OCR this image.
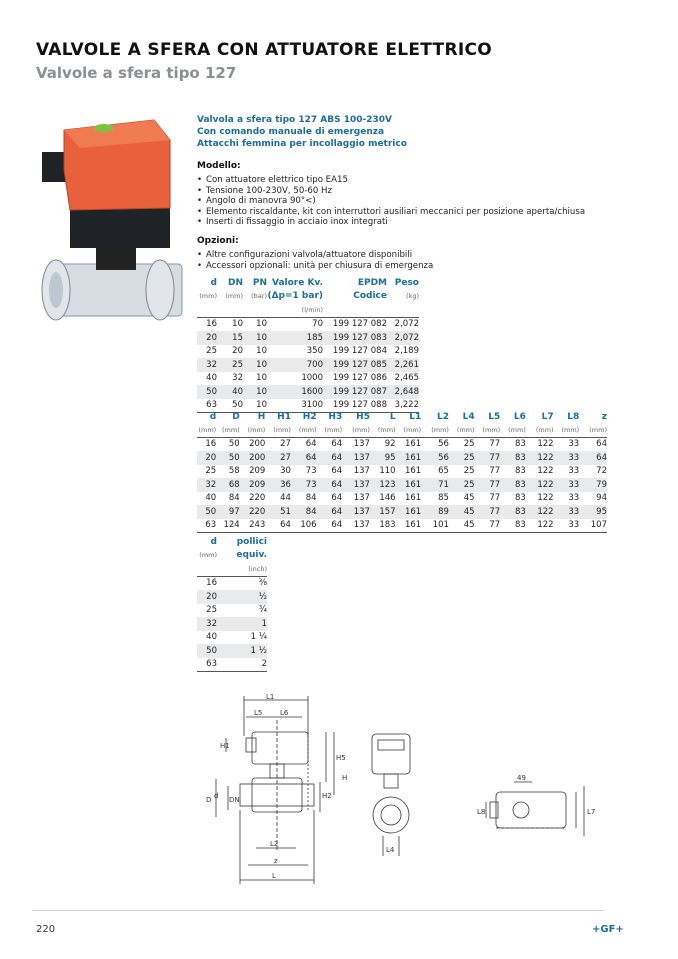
VALVOLE A SFERA CON ATTUATORE ELETTRICO
Valvole a sfera tipo 127
Valvola a sfera tipo 127 ABS 100-230V
Con comando manuale di emergenza
Attacchi femmina per incollaggio metrico
Modello:
• Con attuatore elettrico tipo EA15
• Tensione 100-230V, 50-60 Hz
• Angolo di manovra 90°<)
• Elemento riscaldante, kit con interruttori ausiliari meccanici per posizione aperta/chiusa
• Inserti di fissaggio in acciaio inox integrati
Opzioni:
• Altre configurazioni valvola/attuatore disponibili
• Accessori opzionali: unità per chiusura di emergenza
d	DN	PN	Valore Kv.	EPDM	Peso
(mm)	(mm)	(bar)	(Δp=1 bar)	Codice	(kg)
			(l/min)		
16	10	10	70	199 127 082	2,072
20	15	10	185	199 127 083	2,072
25	20	10	350	199 127 084	2,189
32	25	10	700	199 127 085	2,261
40	32	10	1000	199 127 086	2,465
50	40	10	1600	199 127 087	2,648
63	50	10	3100	199 127 088	3,222
d	D	H	H1	H2	H3	H5	L	L1	L2	L4	L5	L6	L7	L8	z
(mm)	(mm)	(mm)	(mm)	(mm)	(mm)	(mm)	(mm)	(mm)	(mm)	(mm)	(mm)	(mm)	(mm)	(mm)	(mm)
16	50	200	27	64	64	137	92	161	56	25	77	83	122	33	64
20	50	200	27	64	64	137	95	161	56	25	77	83	122	33	64
25	58	209	30	73	64	137	110	161	65	25	77	83	122	33	72
32	68	209	36	73	64	137	123	161	71	25	77	83	122	33	79
40	84	220	44	84	64	137	146	161	85	45	77	83	122	33	94
50	97	220	51	84	64	137	157	161	89	45	77	83	122	33	95
63	124	243	64	106	64	137	183	161	101	45	77	83	122	33	107
d	pollici
(mm)	equiv.
	(inch)
16	⅜
20	½
25	¾
32	1
40	1 ¼
50	1 ½
63	2
L1
L5	L6
H1
H5
H
H2
D d DN
L2
z
L
L4
49
L8	L7
220	+GF+
